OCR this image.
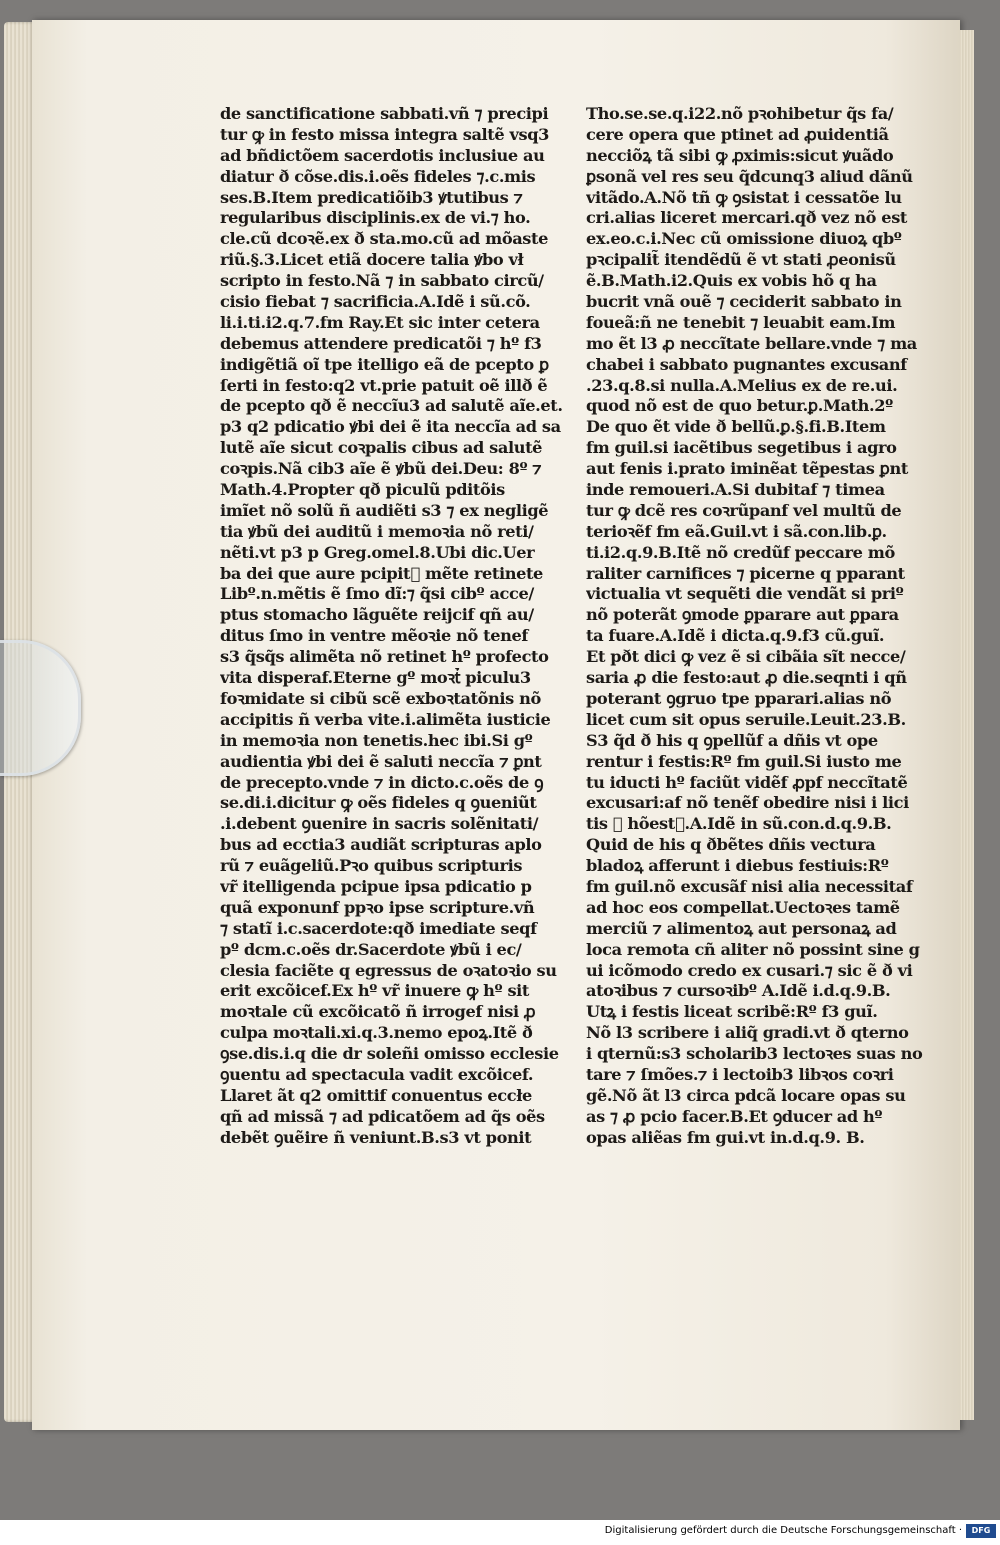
de sanctificatione sabbati.vñ ⁊ precipi
tur ꝙ in festo missa integra saltẽ vsq3
ad bñdictõem sacerdotis inclusiue au
diatur ð cõse.dis.i.oẽs fideles ⁊.c.mis
ses.B.Item predicatiõib3 ꝟtutibus ⁊
regularibus disciplinis.ex de vi.⁊ ho.
cle.cũ dcoꝛẽ.ex ð sta.mo.cũ ad mõaste
riũ.§.3.Licet etiã docere talia ꝟbo vł
scripto in festo.Nã ⁊ in sabbato circũ/
cisio fiebat ⁊ sacrificia.A.Idẽ i sũ.cõ.
li.i.ti.i2.q.7.fm Ray.Et sic inter cetera
debemus attendere predicatõi ⁊ hº f3
indigẽtiã oĩ tpe itelligo eã de pcepto ꝑ
ſerti in festo:q2 vt.prie patuit oẽ illð ẽ
de pcepto qð ẽ neccĩu3 ad salutẽ aĩe.et.
p3 q2 pdicatio ꝟbi dei ẽ ita neccĩa ad sa
lutẽ aĩe sicut coꝛpalis cibus ad salutẽ
coꝛpis.Nã cib3 aĩe ẽ ꝟbũ dei.Deu: 8º ⁊
Math.4.Propter qð piculũ pditõis
imĩet nõ solũ ñ audiẽti s3 ⁊ ex negligẽ
tia ꝟbũ dei auditũ i memoꝛia nõ reti/
nẽti.vt p3 p Greg.omel.8.Ubi dic.Uer
ba dei que aure pcipit᷒ mẽte retinete
Libº.n.mẽtis ẽ ſmo dĩ:⁊ q̃si cibº acce/
ptus stomacho lãguẽte reijcif qñ au/
ditus ſmo in ventre mẽoꝛie nõ tenef
s3 q̃sq̃s alimẽta nõ retinet hº profecto
vita disperaf.Eterne gº moꝛt᷒ piculu3
foꝛmidate si cibũ scẽ exboꝛtatõnis nõ
accipitis ñ verba vite.i.alimẽta iusticie
in memoꝛia non tenetis.hec ibi.Si gº
audientia ꝟbi dei ẽ saluti neccĩa ⁊ ꝑnt
de precepto.vnde ⁊ in dicto.c.oẽs de ꝯ
se.di.i.dicitur ꝙ oẽs fideles q ꝯueniũt
.i.debent ꝯuenire in sacris solẽnitati/
bus ad ecctia3 audiãt scripturas aplo
rũ ⁊ euãgeliũ.Pꝛo quibus scripturis
vr̃ itelligenda pcipue ipsa pdicatio p
quã exponunf ppꝛo ipse scripture.vñ
⁊ statĩ i.c.sacerdote:qð imediate seqf
pº dcm.c.oẽs dr.Sacerdote ꝟbũ i ec/
clesia faciẽte q egressus de oꝛatoꝛio su
erit excõicef.Ex hº vr̃ inuere ꝙ hº sit
moꝛtale cũ excõicatõ ñ irrogef nisi ꝓ
culpa moꝛtali.xi.q.3.nemo epoꝝ.Itẽ ð
ꝯse.dis.i.q die dr soleñi omisso ecclesie
ꝯuentu ad spectacula vadit excõicef.
Llaret ãt q2 omittif conuentus eccłe
qñ ad missã ⁊ ad pdicatõem ad q̃s oẽs
debẽt ꝯuẽire ñ veniunt.B.s3 vt ponit
Tho.se.se.q.i22.nõ pꝛohibetur q̃s fa/
cere opera que ptinet ad ꝓuidentiã
necciõꝝ tã sibi ꝙ ꝓximis:sicut ꝟuãdo
ꝑsonã vel res seu q̃dcunq3 aliud dãnũ
vitãdo.A.Nõ tñ ꝙ ꝯsistat i cessatõe lu
cri.alias liceret mercari.qð vez nõ est
ex.eo.c.i.Nec cũ omissione diuoꝝ qbº
pꝛcipalit̃ itendẽdũ ẽ vt stati ꝓeonisũ
ẽ.B.Math.i2.Quis ex vobis hõ q ha
bucrit vnã ouẽ ⁊ ceciderit sabbato in
foueã:ñ ne tenebit ⁊ leuabit eam.Im
mo ẽt l3 ꝓ neccĩtate bellare.vnde ⁊ ma
chabei i sabbato pugnantes excusanf
.23.q.8.si nulla.A.Melius ex de re.ui.
quod nõ est de quo betur.ꝑ.Math.2º
De quo ẽt vide ð bellũ.ꝑ.§.fi.B.Item
fm guil.si iacẽtibus segetibus i agro
aut fenis i.prato iminẽat tẽpestas ꝑnt
inde remoueri.A.Si dubitaf ⁊ timea
tur ꝙ dcẽ res coꝛrũpanf vel multũ de
terioꝛẽf fm eã.Guil.vt i sã.con.lib.ꝑ.
ti.i2.q.9.B.Itẽ nõ credũf peccare mõ
raliter carnifices ⁊ picerne q pparant
victualia vt sequẽti die vendãt si priº
nõ poterãt ꝯmode ꝑparare aut ꝑpara
ta fuare.A.Idẽ i dicta.q.9.f3 cũ.guĩ.
Et pðt dici ꝙ vez ẽ si cibãia sĩt necce/
saria ꝓ die festo:aut ꝓ die.seqnti i qñ
poterant ꝯgruo tpe pparari.alias nõ
licet cum sit opus seruile.Leuit.23.B.
S3 q̃d ð his q ꝯpellũf a dñis vt ope
rentur i festis:Rº fm guil.Si iusto me
tu iducti hº faciũt vidẽf ꝓpf neccĩtatẽ
excusari:af nõ tenẽf obedire nisi i lici
tis ⁊ hõest᷒.A.Idẽ in sũ.con.d.q.9.B.
Quid de his q ðbẽtes dñis vectura
bladoꝝ afferunt i diebus festiuis:Rº
fm guil.nõ excusãf nisi alia necessitaf
ad hoc eos compellat.Uectoꝛes tamẽ
merciũ ⁊ alimentoꝝ aut personaꝝ ad
loca remota cñ aliter nõ possint sine g
ui icõmodo credo ex cusari.⁊ sic ẽ ð vi
atoꝛibus ⁊ cursoꝛibº A.Idẽ i.d.q.9.B.
Utꝝ i festis liceat scribẽ:Rº f3 guĩ.
Nõ l3 scribere i aliq̃ gradi.vt ð qterno
i qternũ:s3 scholarib3 lectoꝛes suas no
tare ⁊ ſmões.⁊ i lectoib3 libꝛos coꝛri
gẽ.Nõ ãt l3 circa pdcã locare opas su
as ⁊ ꝓ pcio facer.B.Et ꝯducer ad hº
opas aliẽas fm gui.vt in.d.q.9. B.
Digitalisierung gefördert durch die Deutsche Forschungsgemeinschaft ·	DFG
